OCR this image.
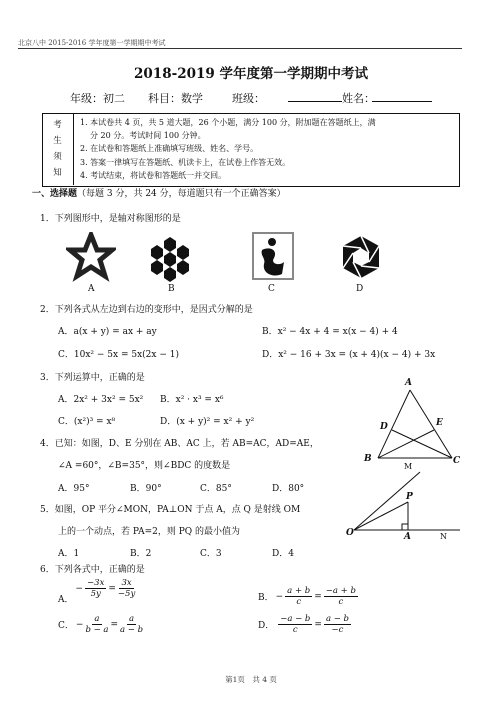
北京八中 2015-2016 学年度第一学期期中考试
2018-2019 学年度第一学期期中考试
年级：初二 科目：数学	班级：	姓名：
考
生
须
知
1. 本试卷共 4 页，共 5 道大题，26 个小题，满分 100 分，附加题在答题纸上，满
分 20 分。考试时间 100 分钟。
2. 在试卷和答题纸上准确填写班级、姓名、学号。
3. 答案一律填写在答题纸、机读卡上，在试卷上作答无效。
4. 考试结束，将试卷和答题纸一并交回。
一、选择题（每题 3 分，共 24 分，每道题只有一个正确答案）
1．下列图形中，是轴对称图形的是
A	B	C	D
2．下列各式从左边到右边的变形中，是因式分解的是
A．a(x + y) = ax + ay	B．x² − 4x + 4 = x(x − 4) + 4
C．10x² − 5x = 5x(2x − 1)	D．x² − 16 + 3x = (x + 4)(x − 4) + 3x
3．下列运算中，正确的是
A．2x² + 3x² = 5x² B．x² · x³ = x⁶
C．(x²)³ = x⁸	D．(x + y)² = x² + y²
4．已知：如图，D、E 分别在 AB、AC 上，若 AB=AC，AD=AE，
∠A =60°，∠B=35°，则∠BDC 的度数是
A．95°	B．90°	C．85°	D．80°
A
D	E
B	C
5．如图，OP 平分∠MON，PA⊥ON 于点 A，点 Q 是射线 OM
上的一个动点，若 PA=2，则 PQ 的最小值为
A．1	B．2	C．3	D．4
M
P
O	A	N
6．下列各式中，正确的是
A．
− $\frac{-3x}{5y} = \frac{3x}{-5y}$	B． − $\frac{a + b}{c} = \frac{-a + b}{c}$
C． − $\frac{a}{b - a} = \frac{a}{a - b}$	D． $\frac{-a - b}{c} = \frac{a - b}{-c}$
第1页　共 4 页
